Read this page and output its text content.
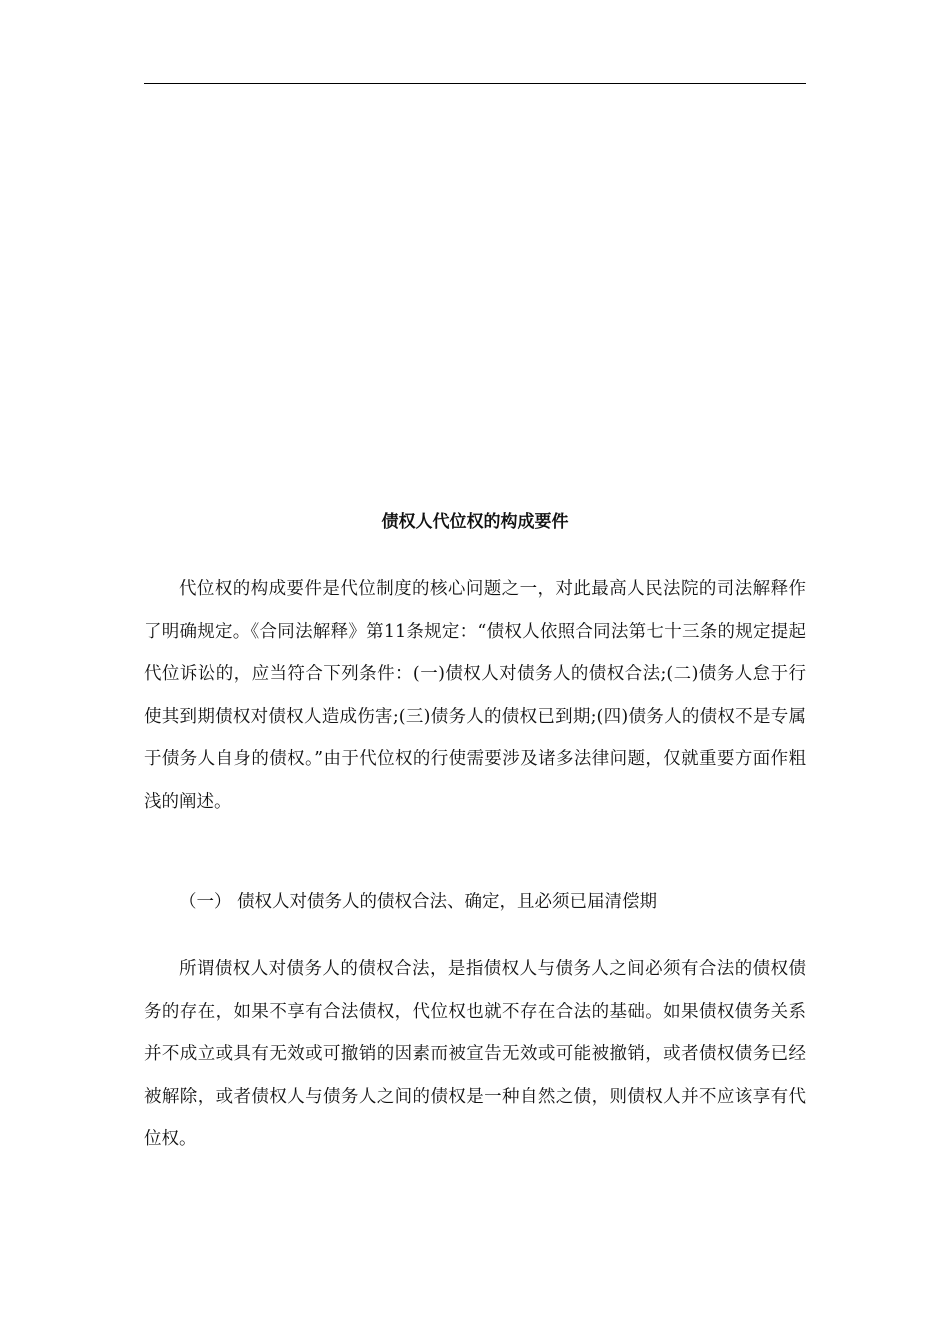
债权人代位权的构成要件

代位权的构成要件是代位制度的核心问题之一，对此最高人民法院的司法解释作了明确规定。《合同法解释》第11条规定：“债权人依照合同法第七十三条的规定提起代位诉讼的，应当符合下列条件：(一)债权人对债务人的债权合法;(二)债务人怠于行使其到期债权对债权人造成伤害;(三)债务人的债权已到期;(四)债务人的债权不是专属于债务人自身的债权。”由于代位权的行使需要涉及诸多法律问题，仅就重要方面作粗浅的阐述。

（一） 债权人对债务人的债权合法、确定，且必须已届清偿期

所谓债权人对债务人的债权合法，是指债权人与债务人之间必须有合法的债权债务的存在，如果不享有合法债权，代位权也就不存在合法的基础。如果债权债务关系并不成立或具有无效或可撤销的因素而被宣告无效或可能被撤销，或者债权债务已经被解除，或者债权人与债务人之间的债权是一种自然之债，则债权人并不应该享有代位权。
